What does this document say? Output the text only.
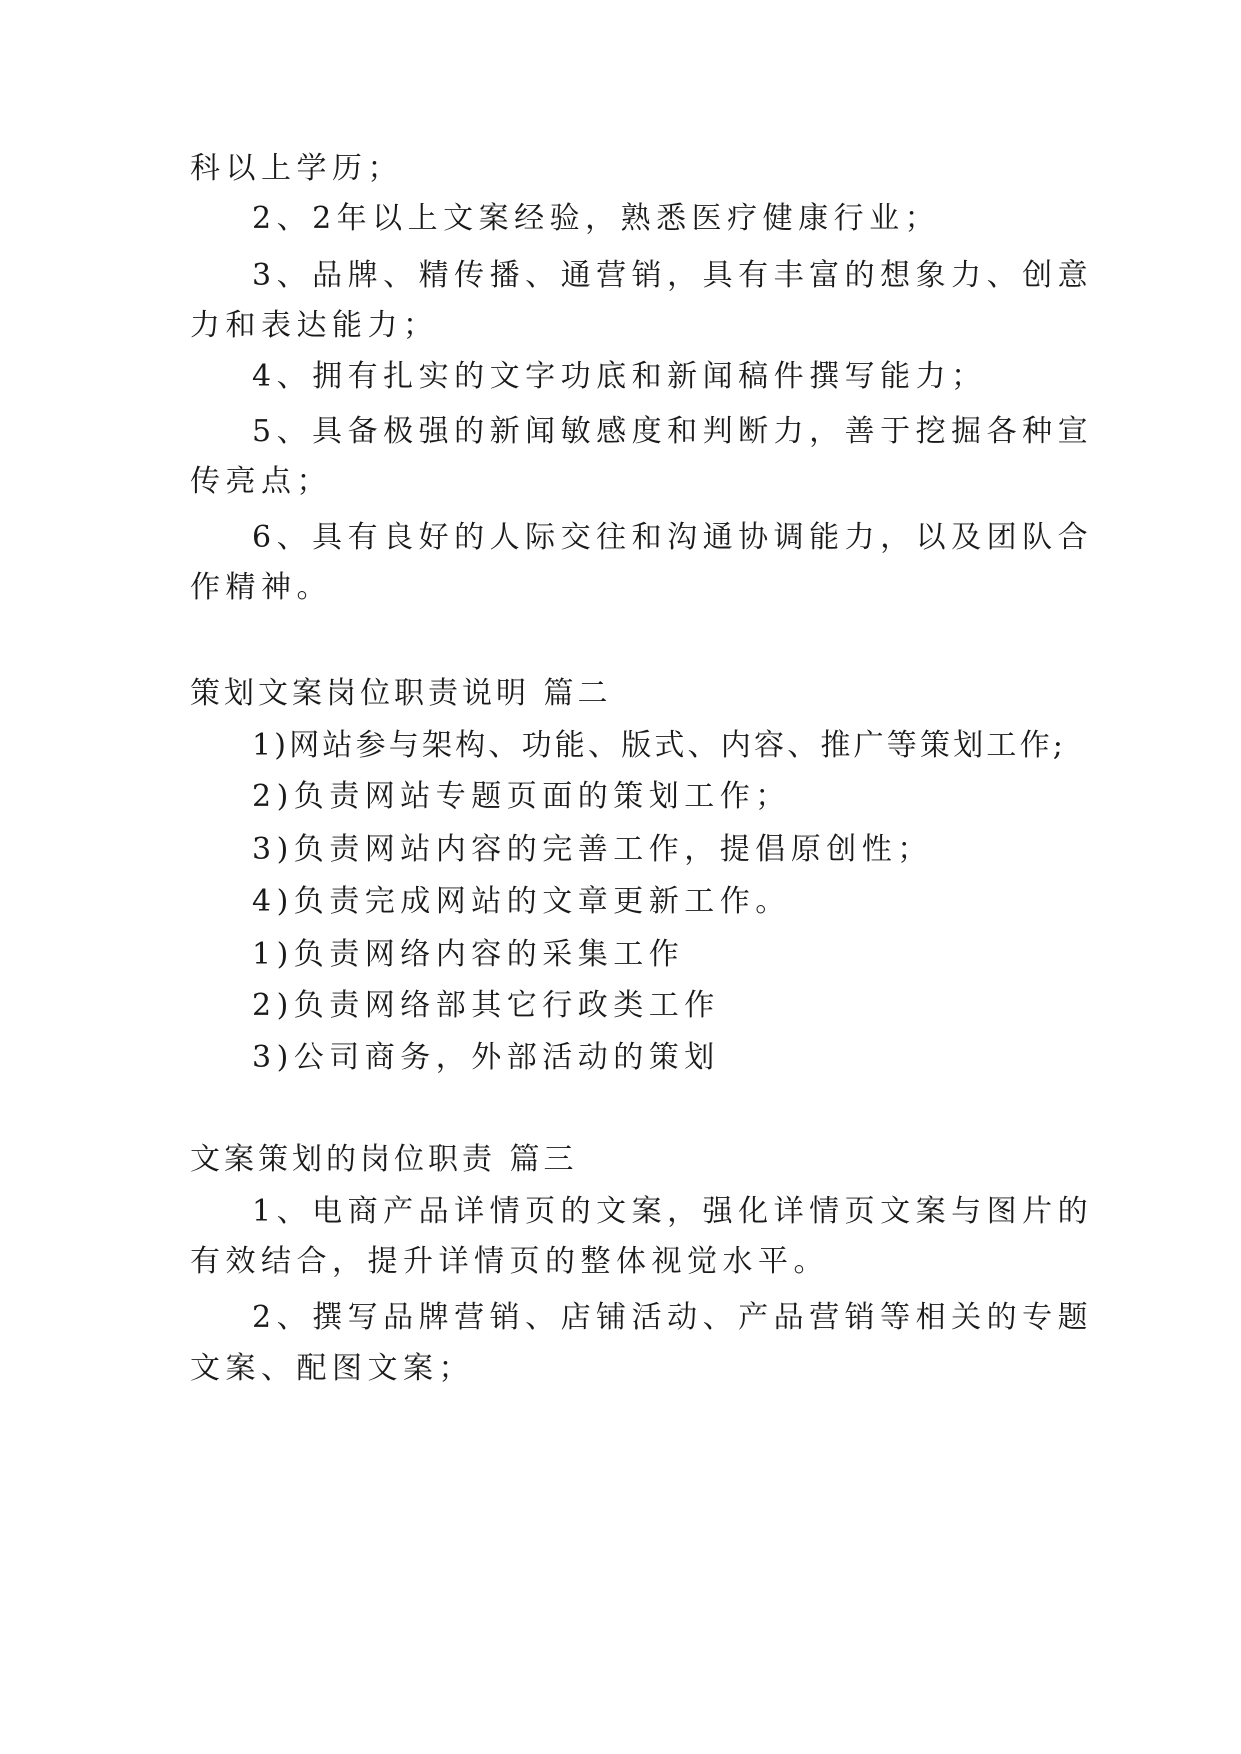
科以上学历；
2、2年以上文案经验，熟悉医疗健康行业；
3、品牌、精传播、通营销，具有丰富的想象力、创意
力和表达能力；
4、拥有扎实的文字功底和新闻稿件撰写能力；
5、具备极强的新闻敏感度和判断力，善于挖掘各种宣
传亮点；
6、具有良好的人际交往和沟通协调能力，以及团队合
作精神。
策划文案岗位职责说明 篇二
1)网站参与架构、功能、版式、内容、推广等策划工作;
2)负责网站专题页面的策划工作；
3)负责网站内容的完善工作，提倡原创性；
4)负责完成网站的文章更新工作。
1)负责网络内容的采集工作
2)负责网络部其它行政类工作
3)公司商务，外部活动的策划
文案策划的岗位职责 篇三
1、电商产品详情页的文案，强化详情页文案与图片的
有效结合，提升详情页的整体视觉水平。
2、撰写品牌营销、店铺活动、产品营销等相关的专题
文案、配图文案；
